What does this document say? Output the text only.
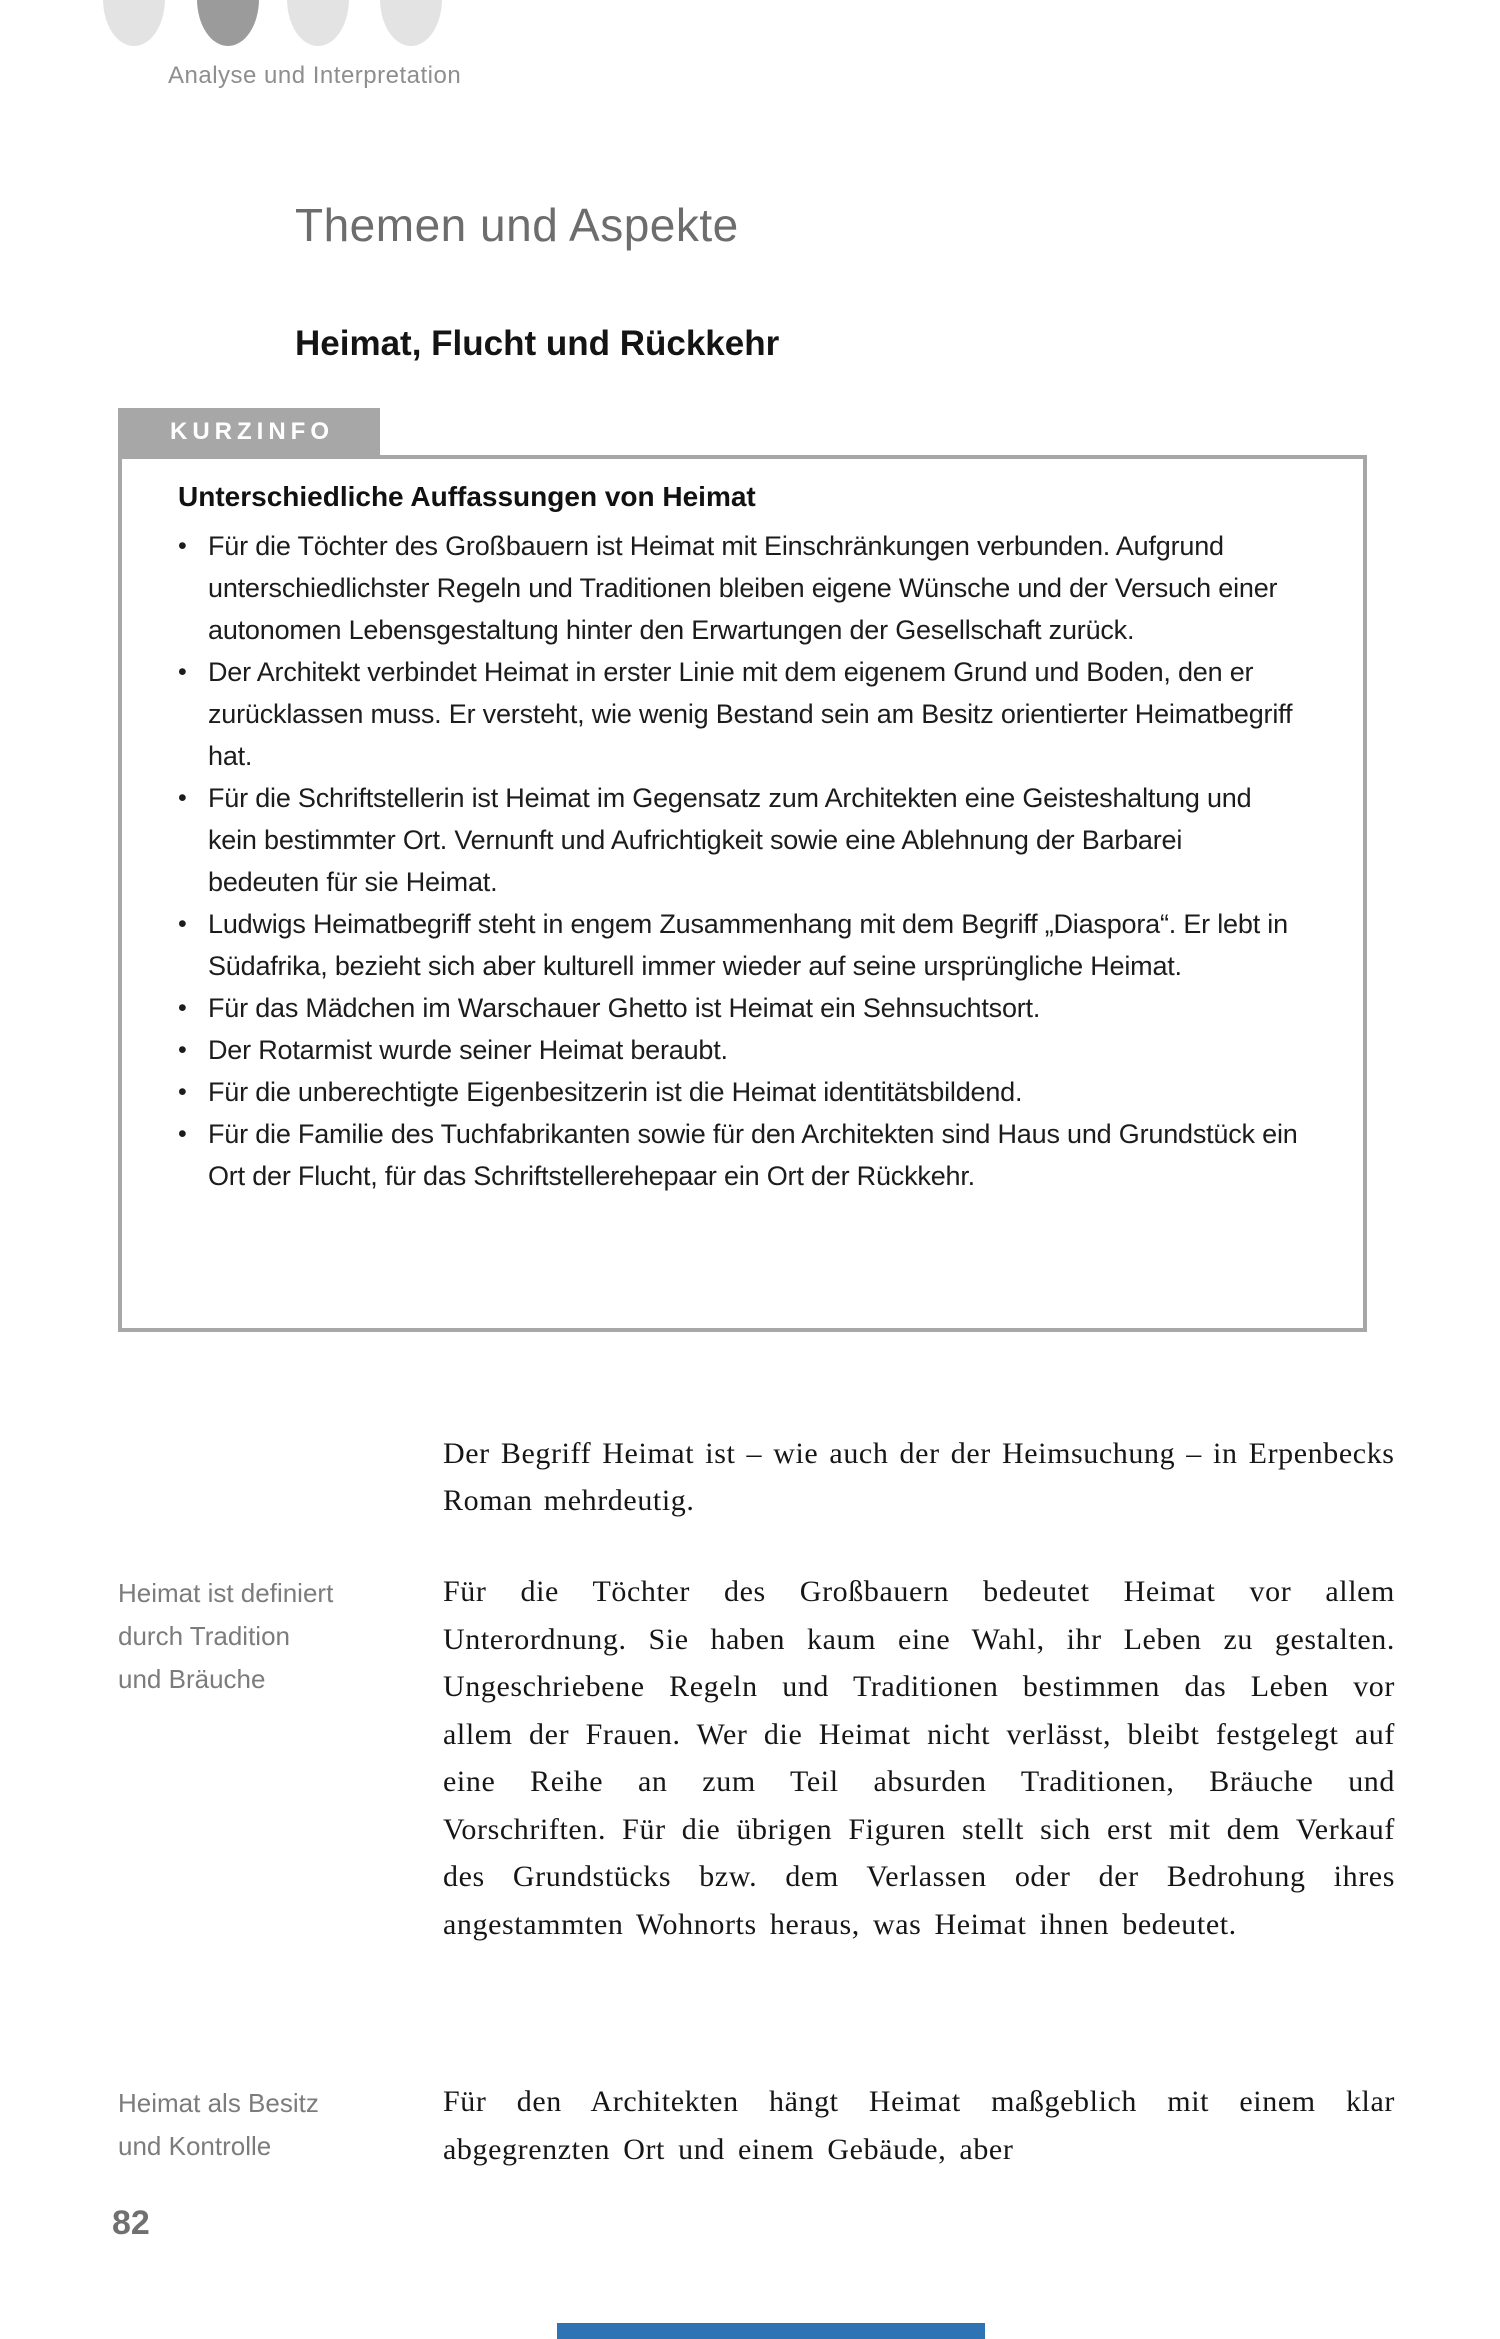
Analyse und Interpretation
Themen und Aspekte
Heimat, Flucht und Rückkehr
KURZINFO
Unterschiedliche Auffassungen von Heimat
• Für die Töchter des Großbauern ist Heimat mit Einschränkungen verbunden. Aufgrund unterschiedlichster Regeln und Traditionen bleiben eigene Wünsche und der Versuch einer autonomen Lebensgestaltung hinter den Erwartungen der Gesellschaft zurück.
• Der Architekt verbindet Heimat in erster Linie mit dem eigenem Grund und Boden, den er zurücklassen muss. Er versteht, wie wenig Bestand sein am Besitz orientierter Heimatbegriff hat.
• Für die Schriftstellerin ist Heimat im Gegensatz zum Architekten eine Geisteshaltung und kein bestimmter Ort. Vernunft und Aufrichtigkeit sowie eine Ablehnung der Barbarei bedeuten für sie Heimat.
• Ludwigs Heimatbegriff steht in engem Zusammenhang mit dem Begriff „Diaspora“. Er lebt in Südafrika, bezieht sich aber kulturell immer wieder auf seine ursprüngliche Heimat.
• Für das Mädchen im Warschauer Ghetto ist Heimat ein Sehnsuchtsort.
• Der Rotarmist wurde seiner Heimat beraubt.
• Für die unberechtigte Eigenbesitzerin ist die Heimat identitätsbildend.
• Für die Familie des Tuchfabrikanten sowie für den Architekten sind Haus und Grundstück ein Ort der Flucht, für das Schriftstellerehepaar ein Ort der Rückkehr.

Der Begriff Heimat ist – wie auch der der Heimsuchung – in Erpenbecks Roman mehrdeutig.

Heimat ist definiert durch Tradition und Bräuche

Für die Töchter des Großbauern bedeutet Heimat vor allem Unterordnung. Sie haben kaum eine Wahl, ihr Leben zu gestalten. Ungeschriebene Regeln und Traditionen bestimmen das Leben vor allem der Frauen. Wer die Heimat nicht verlässt, bleibt festgelegt auf eine Reihe an zum Teil absurden Traditionen, Bräuche und Vorschriften. Für die übrigen Figuren stellt sich erst mit dem Verkauf des Grundstücks bzw. dem Verlassen oder der Bedrohung ihres angestammten Wohnorts heraus, was Heimat ihnen bedeutet.

Heimat als Besitz und Kontrolle

Für den Architekten hängt Heimat maßgeblich mit einem klar abgegrenzten Ort und einem Gebäude, aber

82
